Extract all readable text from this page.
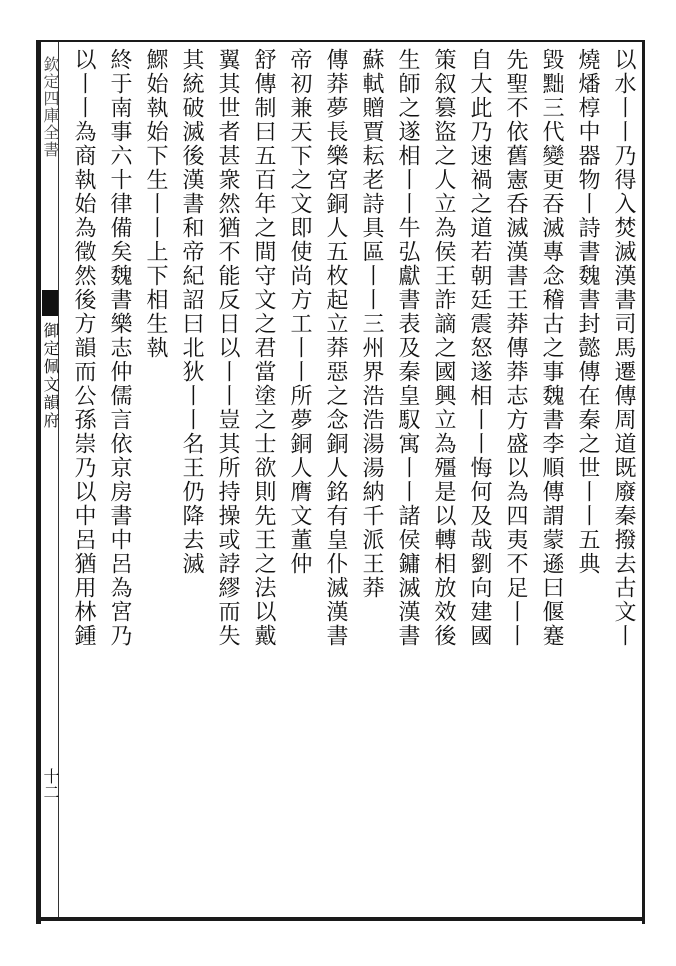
欽定四庫全書
御定佩文韻府
十二
以水丨丨乃得入焚滅漢書司馬遷傳周道既廢秦撥去古文丨
燒燔椁中器物丨詩書魏書封懿傳在秦之世丨丨五典
毀黜三代變更吞滅專念稽古之事魏書李順傳謂蒙遜曰偃蹇
先聖不依舊憲呑滅漢書王莽傳莽志方盛以為四夷不足丨丨
自大此乃速禍之道若朝廷震怒遂相丨丨悔何及哉劉向建國
策叙篡盜之人立為侯王詐謫之國興立為殭是以轉相放效後
生師之遂相丨丨牛弘獻書表及秦皇馭寓丨丨諸侯鏞滅漢書
蘇軾贈賈耘老詩具區丨丨三州界浩浩湯湯納千派王莽
傳莽夢長樂宮銅人五枚起立莽惡之念銅人銘有皇仆滅漢書
帝初兼天下之文即使尚方工丨丨所夢銅人膺文董仲
舒傳制曰五百年之間守文之君當塗之士欲則先王之法以戴
翼其世者甚衆然猶不能反日以丨丨豈其所持操或誖繆而失
其統破滅後漢書和帝紀詔曰北狄丨丨名王仍降去滅
鰥始執始下生丨丨上下相生執
終于南事六十律備矣魏書樂志仲儒言依京房書中呂為宮乃
以丨丨為商執始為徵然後方韻而公孫崇乃以中呂猶用林鍾
